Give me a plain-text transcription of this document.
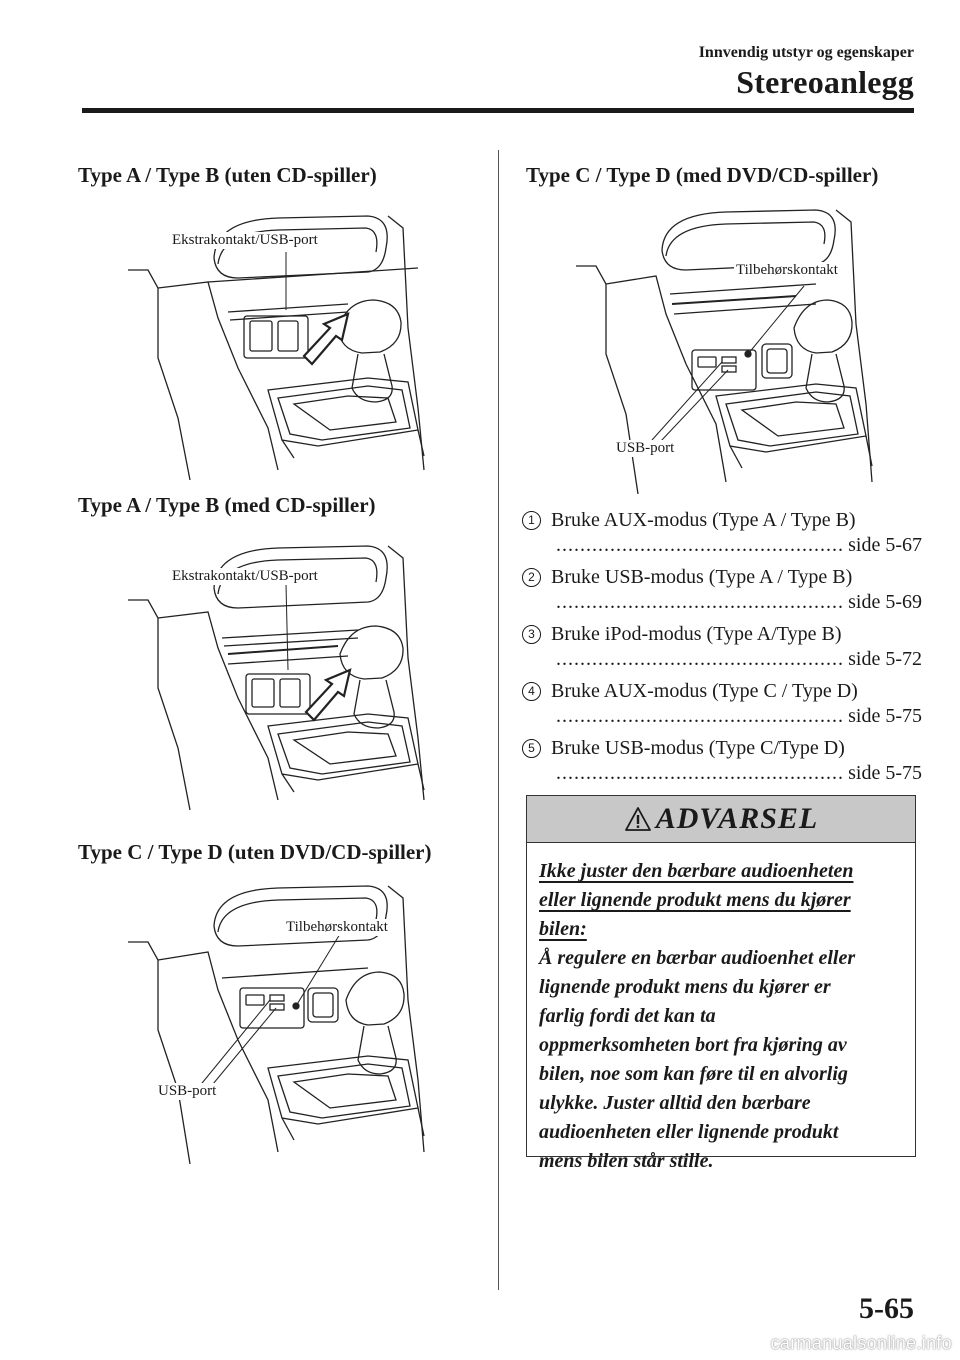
Innvendig utstyr og egenskaper
Stereoanlegg
Type A / Type B (uten CD-spiller)
Ekstrakontakt/USB-port
Type A / Type B (med CD-spiller)
Ekstrakontakt/USB-port
Type C / Type D (uten DVD/CD-spiller)
Tilbehørskontakt
USB-port
Type C / Type D (med DVD/CD-spiller)
Tilbehørskontakt
USB-port
1 Bruke AUX-modus (Type A / Type B)
.....
side 5-67
2 Bruke USB-modus (Type A / Type B)
.....
side 5-69
3 Bruke iPod-modus (Type A/Type B)
.....
side 5-72
4 Bruke AUX-modus (Type C / Type D)
.....
side 5-75
5 Bruke USB-modus (Type C/Type D)
.....
side 5-75
ADVARSEL
Ikke juster den bærbare audioenheten
eller lignende produkt mens du kjører
bilen:
Å regulere en bærbar audioenhet eller
lignende produkt mens du kjører er
farlig fordi det kan ta
oppmerksomheten bort fra kjøring av
bilen, noe som kan føre til en alvorlig
ulykke. Juster alltid den bærbare
audioenheten eller lignende produkt
mens bilen står stille.
5-65
carmanualsonline.info
